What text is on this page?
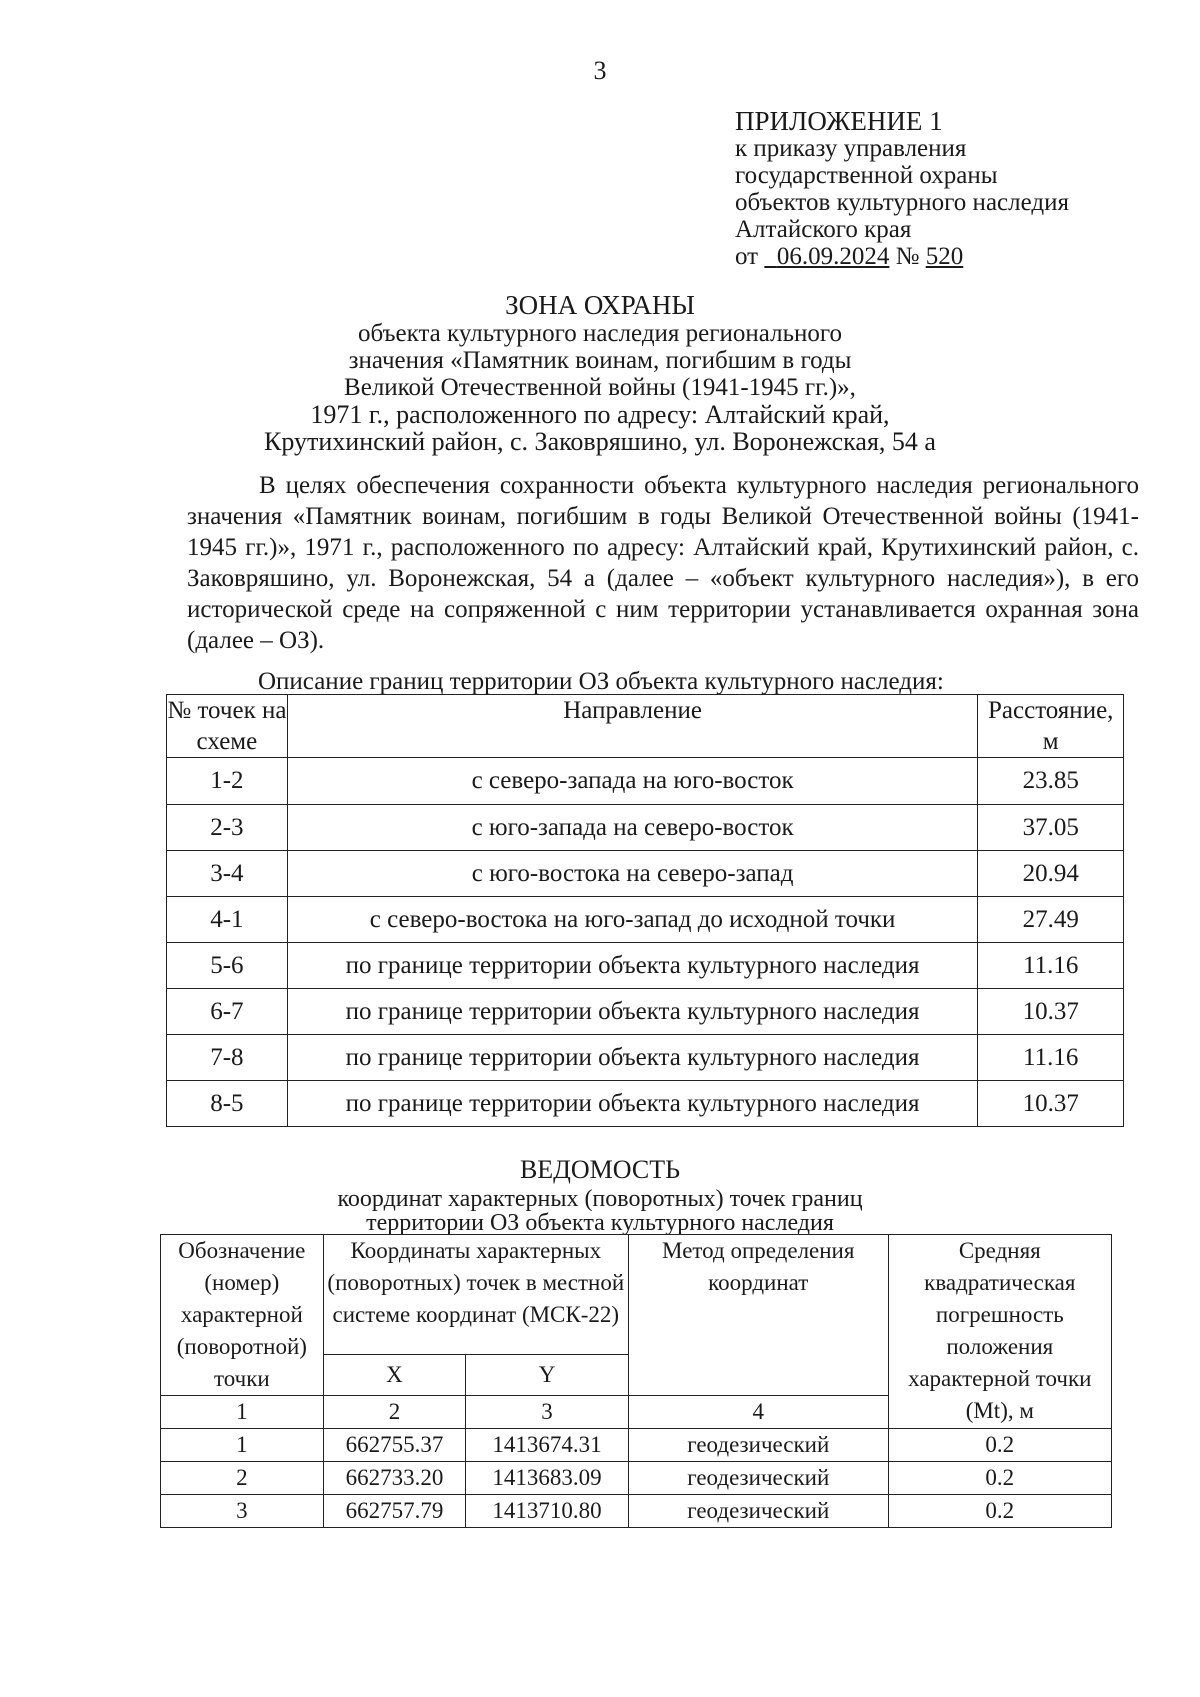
3
ПРИЛОЖЕНИЕ 1
к приказу управления
государственной охраны
объектов культурного наследия
Алтайского края
от 06.09.2024 № 520
ЗОНА ОХРАНЫ
объекта культурного наследия регионального
значения «Памятник воинам, погибшим в годы
Великой Отечественной войны (1941-1945 гг.)»,
1971 г., расположенного по адресу: Алтайский край,
Крутихинский район, с. Заковряшино, ул. Воронежская, 54 а
В целях обеспечения сохранности объекта культурного наследия регионального значения «Памятник воинам, погибшим в годы Великой Отечественной войны (1941-1945 гг.)», 1971 г., расположенного по адресу: Алтайский край, Крутихинский район, с. Заковряшино, ул. Воронежская, 54 а (далее – «объект культурного наследия»), в его исторической среде на сопряженной с ним территории устанавливается охранная зона (далее – ОЗ).
Описание границ территории ОЗ объекта культурного наследия:
№ точек на схеме	Направление	Расстояние, м
1-2	с северо-запада на юго-восток	23.85
2-3	с юго-запада на северо-восток	37.05
3-4	с юго-востока на северо-запад	20.94
4-1	с северо-востока на юго-запад до исходной точки	27.49
5-6	по границе территории объекта культурного наследия	11.16
6-7	по границе территории объекта культурного наследия	10.37
7-8	по границе территории объекта культурного наследия	11.16
8-5	по границе территории объекта культурного наследия	10.37
ВЕДОМОСТЬ
координат характерных (поворотных) точек границ
территории ОЗ объекта культурного наследия
Обозначение (номер) характерной (поворотной) точки	Координаты характерных (поворотных) точек в местной системе координат (МСК-22)		Метод определения координат	Средняя квадратическая погрешность положения характерной точки (Mt), м
	X	Y		
1	2	3	4	
1	662755.37	1413674.31	геодезический	0.2
2	662733.20	1413683.09	геодезический	0.2
3	662757.79	1413710.80	геодезический	0.2
